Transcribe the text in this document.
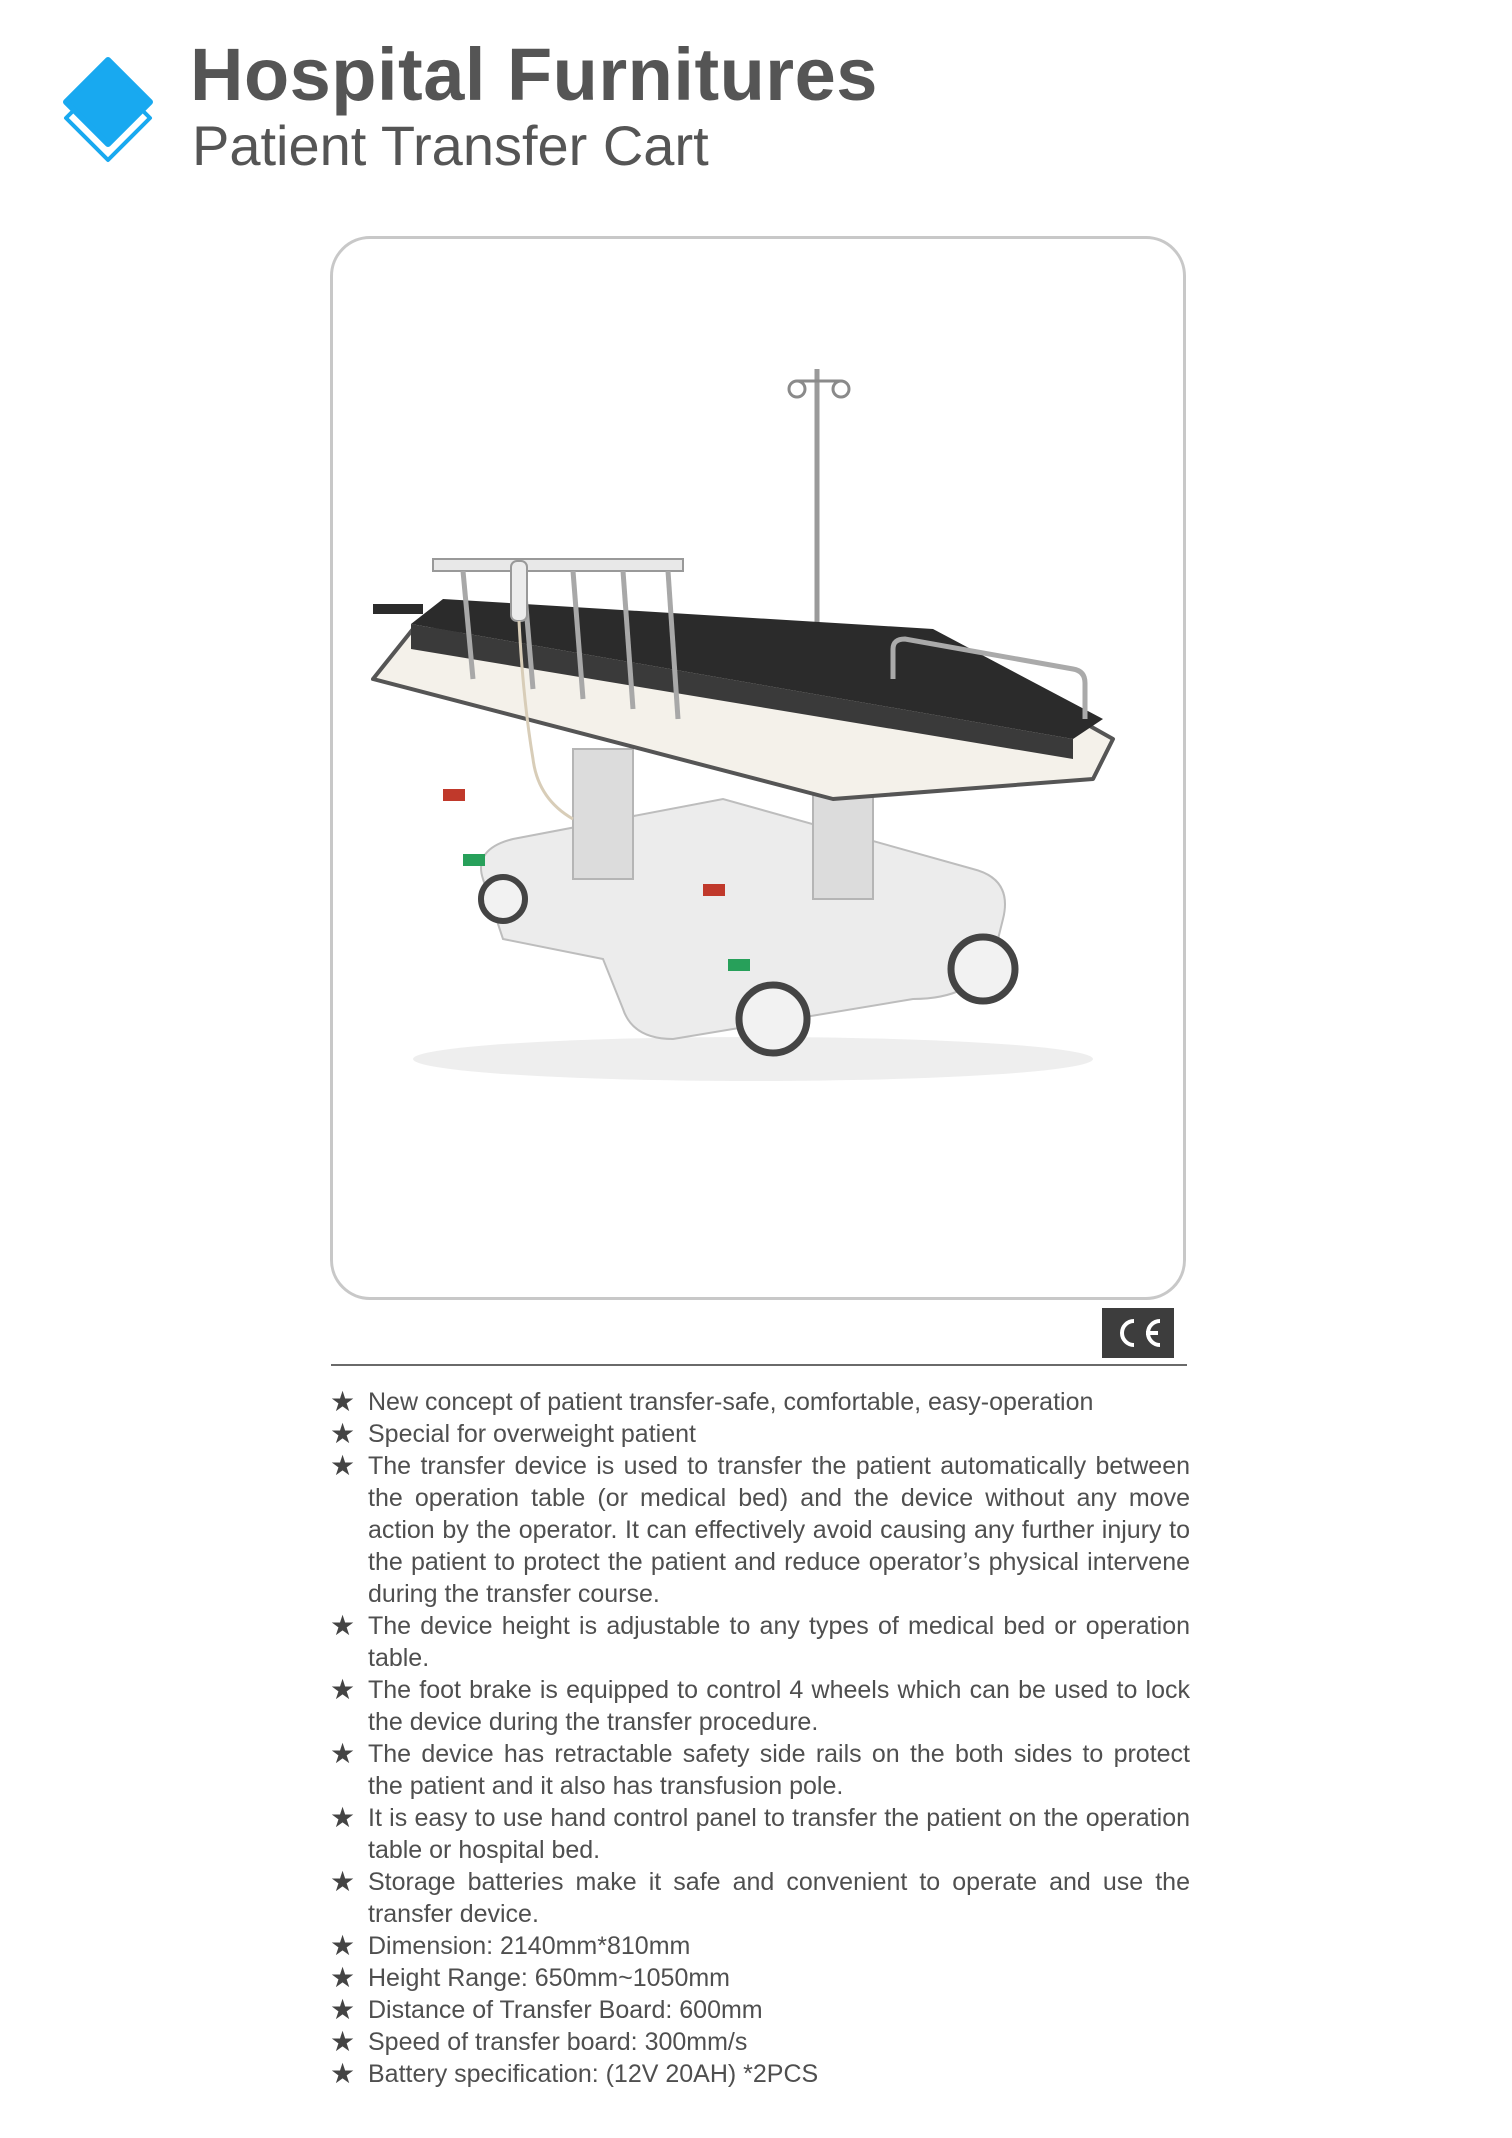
Hospital Furnitures
Patient Transfer Cart
★ New concept of patient transfer-safe, comfortable, easy-operation
★ Special for overweight patient
★ The transfer device is used to transfer the patient automatically between the operation table (or medical bed) and the device without any move action by the operator. It can effectively avoid causing any further injury to the patient to protect the patient and reduce operator’s physical intervene during the transfer course.
★ The device height is adjustable to any types of medical bed or operation table.
★ The foot brake is equipped to control 4 wheels which can be used to lock the device during the transfer procedure.
★ The device has retractable safety side rails on the both sides to protect the patient and it also has transfusion pole.
★ It is easy to use hand control panel to transfer the patient on the operation table or hospital bed.
★ Storage batteries make it safe and convenient to operate and use the transfer device.
★ Dimension: 2140mm*810mm
★ Height Range: 650mm~1050mm
★ Distance of Transfer Board: 600mm
★ Speed of transfer board: 300mm/s
★ Battery specification: (12V 20AH) *2PCS
